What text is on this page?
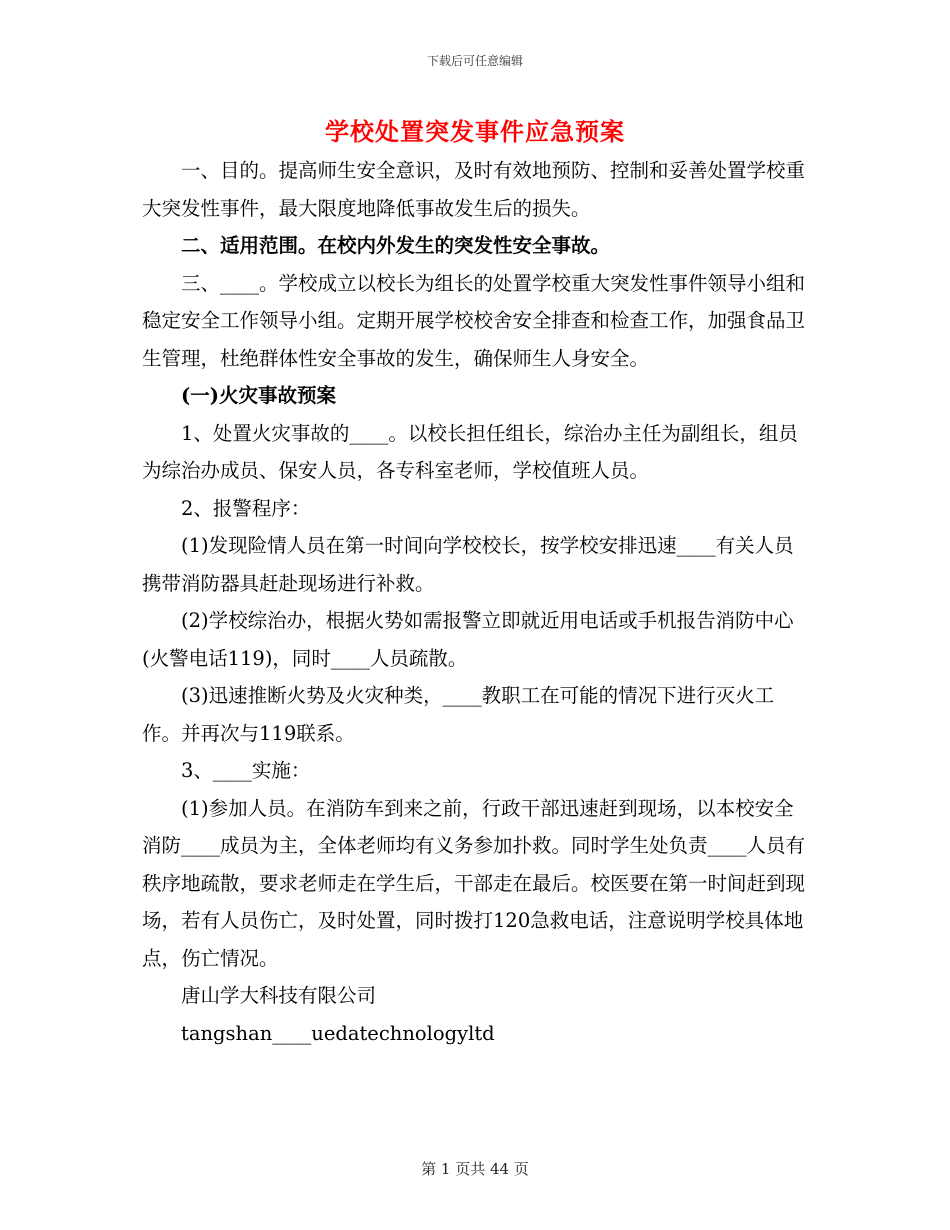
下载后可任意编辑
学校处置突发事件应急预案

一、目的。提高师生安全意识，及时有效地预防、控制和妥善处置学校重大突发性事件，最大限度地降低事故发生后的损失。

二、适用范围。在校内外发生的突发性安全事故。

三、____。学校成立以校长为组长的处置学校重大突发性事件领导小组和稳定安全工作领导小组。定期开展学校校舍安全排查和检查工作，加强食品卫生管理，杜绝群体性安全事故的发生，确保师生人身安全。

(一)火灾事故预案

1、处置火灾事故的____。以校长担任组长，综治办主任为副组长，组员为综治办成员、保安人员，各专科室老师，学校值班人员。

2、报警程序：

(1)发现险情人员在第一时间向学校校长，按学校安排迅速____有关人员携带消防器具赶赴现场进行补救。

(2)学校综治办，根据火势如需报警立即就近用电话或手机报告消防中心(火警电话119)，同时____人员疏散。

(3)迅速推断火势及火灾种类，____教职工在可能的情况下进行灭火工作。并再次与119联系。

3、____实施：

(1)参加人员。在消防车到来之前，行政干部迅速赶到现场，以本校安全消防____成员为主，全体老师均有义务参加扑救。同时学生处负责____人员有秩序地疏散，要求老师走在学生后，干部走在最后。校医要在第一时间赶到现场，若有人员伤亡，及时处置，同时拨打120急救电话，注意说明学校具体地点，伤亡情况。

唐山学大科技有限公司

tangshan____uedatechnologyltd

第 1 页共 44 页
